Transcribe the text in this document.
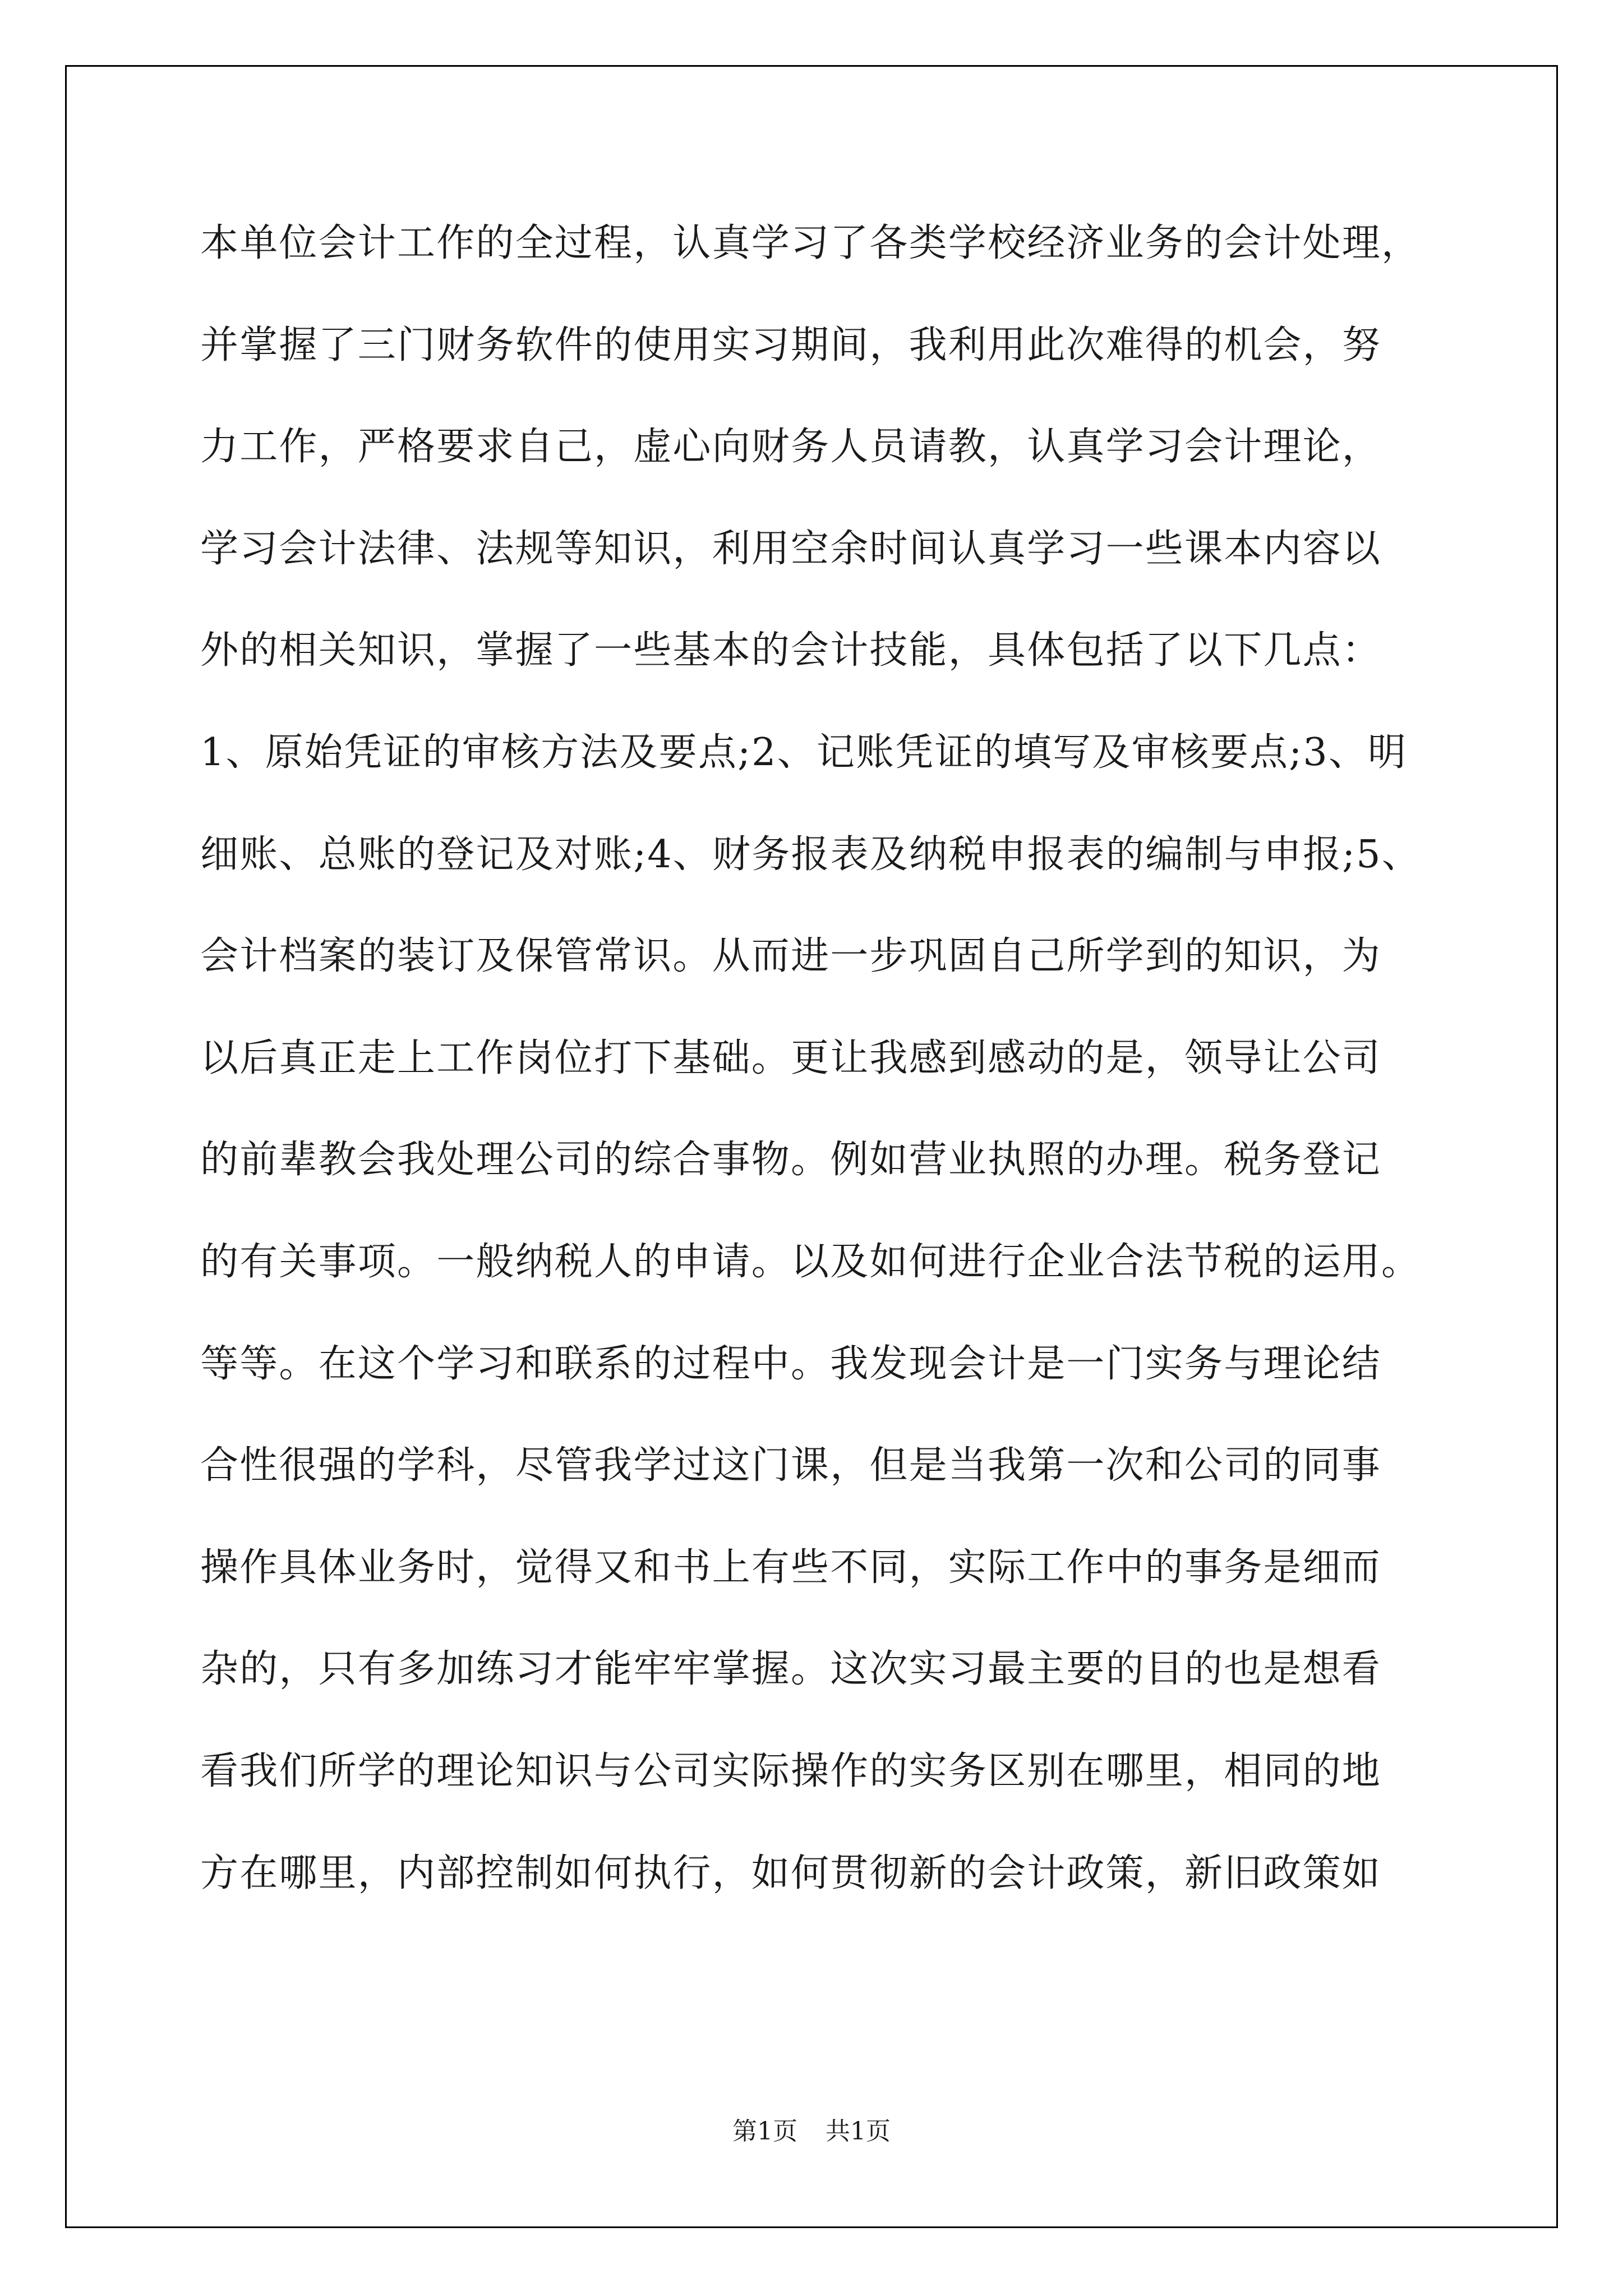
本单位会计工作的全过程，认真学习了各类学校经济业务的会计处理，
并掌握了三门财务软件的使用实习期间，我利用此次难得的机会，努
力工作，严格要求自己，虚心向财务人员请教，认真学习会计理论，
学习会计法律、法规等知识，利用空余时间认真学习一些课本内容以
外的相关知识，掌握了一些基本的会计技能，具体包括了以下几点：
1、原始凭证的审核方法及要点;2、记账凭证的填写及审核要点;3、明
细账、总账的登记及对账;4、财务报表及纳税申报表的编制与申报;5、
会计档案的装订及保管常识。从而进一步巩固自己所学到的知识，为
以后真正走上工作岗位打下基础。更让我感到感动的是，领导让公司
的前辈教会我处理公司的综合事物。例如营业执照的办理。税务登记
的有关事项。一般纳税人的申请。以及如何进行企业合法节税的运用。
等等。在这个学习和联系的过程中。我发现会计是一门实务与理论结
合性很强的学科，尽管我学过这门课，但是当我第一次和公司的同事
操作具体业务时，觉得又和书上有些不同，实际工作中的事务是细而
杂的，只有多加练习才能牢牢掌握。这次实习最主要的目的也是想看
看我们所学的理论知识与公司实际操作的实务区别在哪里，相同的地
方在哪里，内部控制如何执行，如何贯彻新的会计政策，新旧政策如
第1页 共1页
